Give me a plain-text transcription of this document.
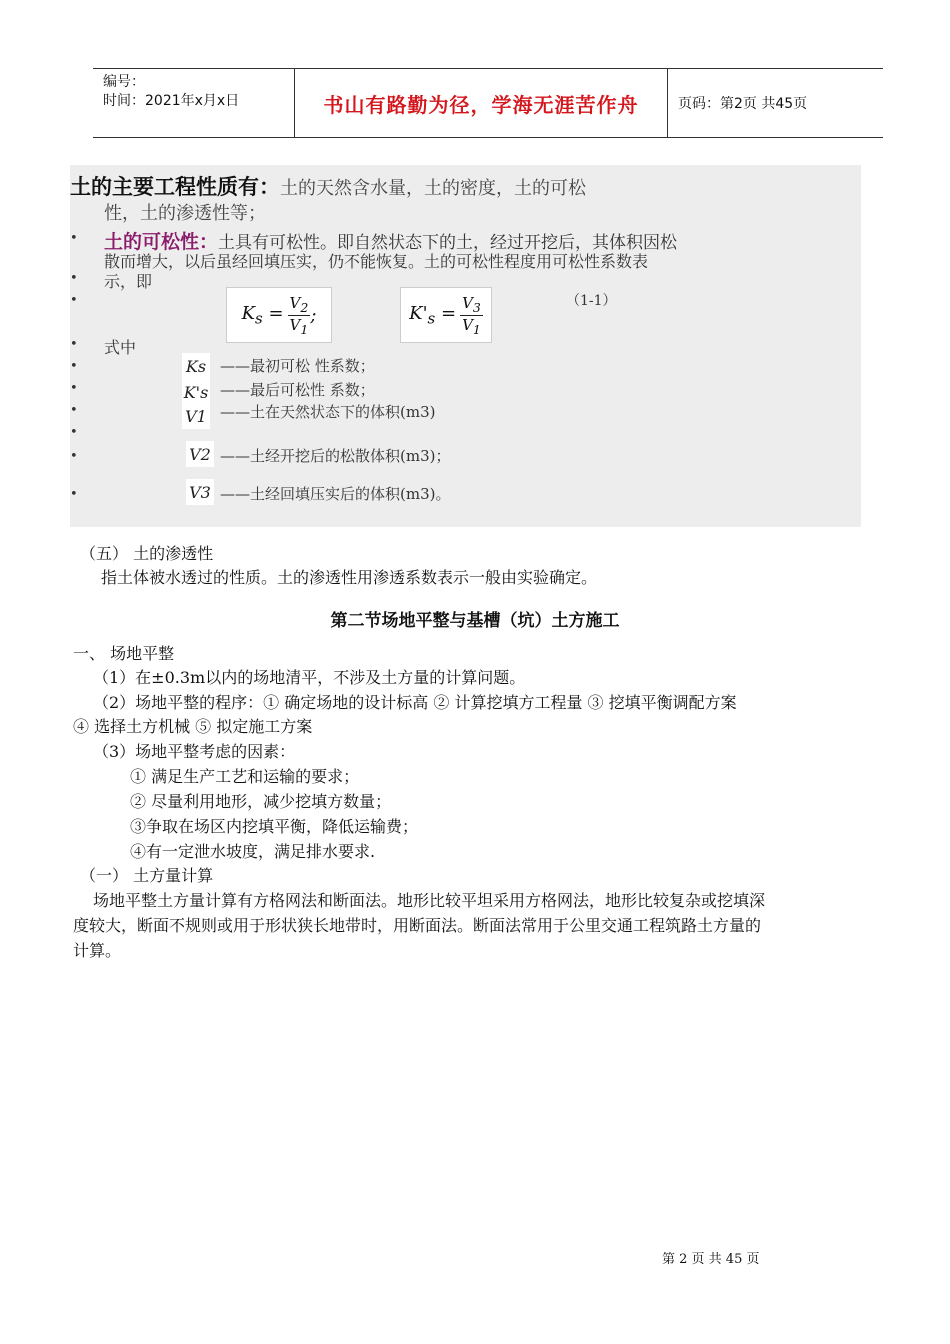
编号：
时间：2021年x月x日	书山有路勤为径，学海无涯苦作舟	页码：第2页 共45页
土的主要工程性质有：土的天然含水量，土的密度，土的可松
性，土的渗透性等；
• 土的可松性：土具有可松性。即自然状态下的土，经过开挖后，其体积因松
散而增大，以后虽经回填压实，仍不能恢复。土的可松性程度用可松性系数表
• 示，即
•
$K_s = \frac{V_2}{V_1}$ ;	$K'_s = \frac{V_3}{V_1}$	（1-1）
• 式中
•	Ks ——最初可松 性系数；
•	K's ——最后可松性 系数；
•	V1 ——土在天然状态下的体积(m3)
•
•	V2 ——土经开挖后的松散体积(m3)；
•	V3 ——土经回填压实后的体积(m3)。
（五） 土的渗透性
指土体被水透过的性质。土的渗透性用渗透系数表示一般由实验确定。
第二节场地平整与基槽（坑）土方施工
一、 场地平整
（1）在±0.3m以内的场地清平，不涉及土方量的计算问题。
（2）场地平整的程序：① 确定场地的设计标高 ② 计算挖填方工程量 ③ 挖填平衡调配方案
④ 选择土方机械 ⑤ 拟定施工方案
（3）场地平整考虑的因素：
① 满足生产工艺和运输的要求；
② 尽量利用地形，减少挖填方数量；
③争取在场区内挖填平衡，降低运输费；
④有一定泄水坡度，满足排水要求.
（一） 土方量计算
场地平整土方量计算有方格网法和断面法。地形比较平坦采用方格网法，地形比较复杂或挖填深
度较大，断面不规则或用于形状狭长地带时，用断面法。断面法常用于公里交通工程筑路土方量的
计算。
第 2 页 共 45 页
